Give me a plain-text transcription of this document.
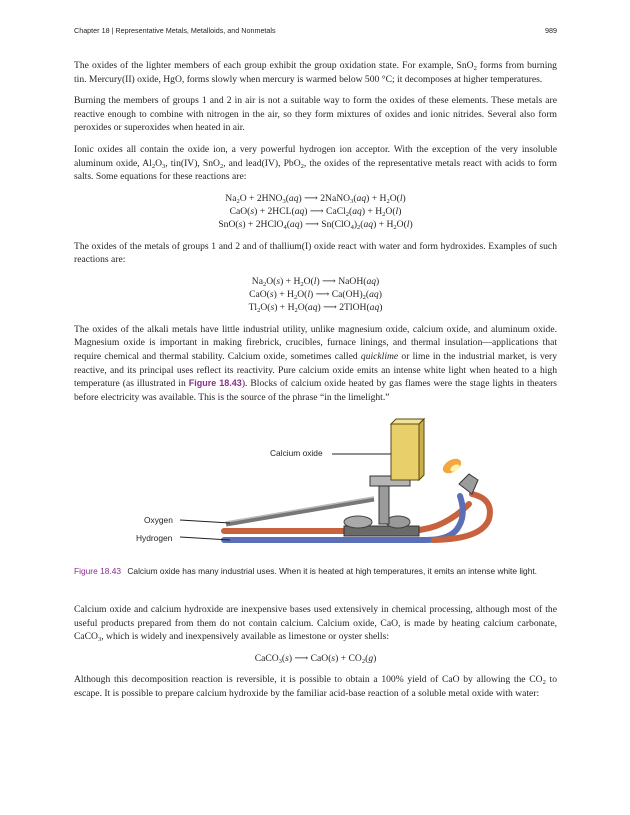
Chapter 18 | Representative Metals, Metalloids, and Nonmetals	989

The oxides of the lighter members of each group exhibit the group oxidation state. For example, SnO$_2$ forms from burning tin. Mercury(II) oxide, HgO, forms slowly when mercury is warmed below 500 °C; it decomposes at higher temperatures.

Burning the members of groups 1 and 2 in air is not a suitable way to form the oxides of these elements. These metals are reactive enough to combine with nitrogen in the air, so they form mixtures of oxides and ionic nitrides. Several also form peroxides or superoxides when heated in air.

Ionic oxides all contain the oxide ion, a very powerful hydrogen ion acceptor. With the exception of the very insoluble aluminum oxide, $Al_2O_3$, tin(IV), SnO$_2$, and lead(IV), PbO$_2$, the oxides of the representative metals react with acids to form salts. Some equations for these reactions are:

$Na_2O + 2HNO_3(aq)$ ⟶ 2NaNO$_3$(aq) + $H_2O(l)$
CaO(s) + 2HCL(aq) ⟶ CaCl$_2$(aq) + $H_2O(l)$
SnO(s) + 2HClO$_4$(aq) ⟶ $Sn(ClO_4)_2(aq) + H_2O(l)$

The oxides of the metals of groups 1 and 2 and of thallium(I) oxide react with water and form hydroxides. Examples of such reactions are:

$Na_2O(s) + H_2O(l)$ ⟶ NaOH(aq)
$CaO(s) + H_2O(l)$ ⟶ $Ca(OH)_2(aq)$
$Tl_2O(s) + H_2O(aq)$ ⟶ 2TlOH(aq)

The oxides of the alkali metals have little industrial utility, unlike magnesium oxide, calcium oxide, and aluminum oxide. Magnesium oxide is important in making firebrick, crucibles, furnace linings, and thermal insulation—applications that require chemical and thermal stability. Calcium oxide, sometimes called quicklime or lime in the industrial market, is very reactive, and its principal uses reflect its reactivity. Pure calcium oxide emits an intense white light when heated to a high temperature (as illustrated in Figure 18.43). Blocks of calcium oxide heated by gas flames were the stage lights in theaters before electricity was available. This is the source of the phrase “in the limelight.”

Calcium oxide
Oxygen
Hydrogen
Figure 18.43 Calcium oxide has many industrial uses. When it is heated at high temperatures, it emits an intense white light.

Calcium oxide and calcium hydroxide are inexpensive bases used extensively in chemical processing, although most of the useful products prepared from them do not contain calcium. Calcium oxide, CaO, is made by heating calcium carbonate, CaCO$_3$, which is widely and inexpensively available as limestone or oyster shells:

CaCO$_3$(s) ⟶ $CaO(s) + CO_2(g)$

Although this decomposition reaction is reversible, it is possible to obtain a 100% yield of CaO by allowing the $CO_2$ to escape. It is possible to prepare calcium hydroxide by the familiar acid-base reaction of a soluble metal oxide with water:
